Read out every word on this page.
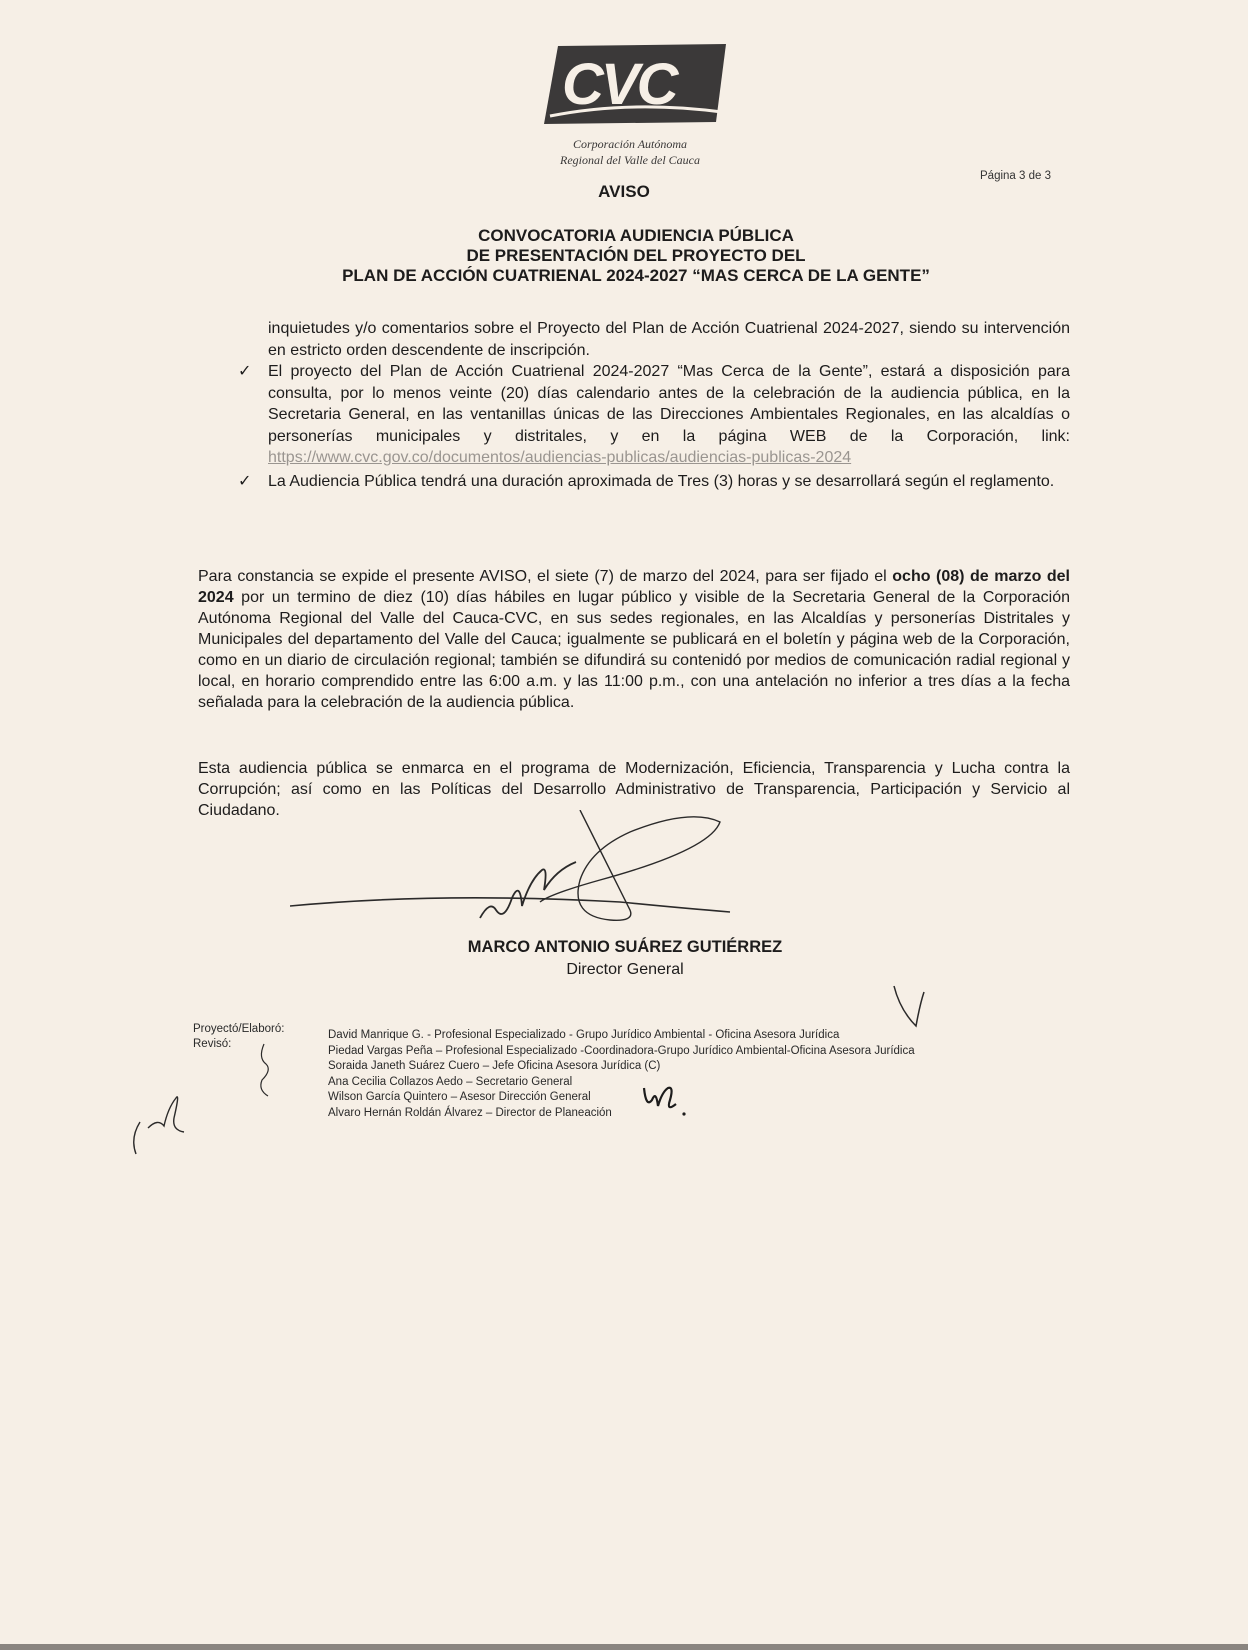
CVC
Corporación Autónoma
Regional del Valle del Cauca
Página 3 de 3
AVISO
CONVOCATORIA AUDIENCIA PÚBLICA
DE PRESENTACIÓN DEL PROYECTO DEL
PLAN DE ACCIÓN CUATRIENAL 2024-2027 “MAS CERCA DE LA GENTE”

inquietudes y/o comentarios sobre el Proyecto del Plan de Acción Cuatrienal 2024-2027, siendo su intervención en estricto orden descendente de inscripción.

✓ El proyecto del Plan de Acción Cuatrienal 2024-2027 “Mas Cerca de la Gente”, estará a disposición para consulta, por lo menos veinte (20) días calendario antes de la celebración de la audiencia pública, en la Secretaria General, en las ventanillas únicas de las Direcciones Ambientales Regionales, en las alcaldías o personerías municipales y distritales, y en la página WEB de la Corporación, link: https://www.cvc.gov.co/documentos/audiencias-publicas/audiencias-publicas-2024

✓ La Audiencia Pública tendrá una duración aproximada de Tres (3) horas y se desarrollará según el reglamento.

Para constancia se expide el presente AVISO, el siete (7) de marzo del 2024, para ser fijado el ocho (08) de marzo del 2024 por un termino de diez (10) días hábiles en lugar público y visible de la Secretaria General de la Corporación Autónoma Regional del Valle del Cauca-CVC, en sus sedes regionales, en las Alcaldías y personerías Distritales y Municipales del departamento del Valle del Cauca; igualmente se publicará en el boletín y página web de la Corporación, como en un diario de circulación regional; también se difundirá su contenidó por medios de comunicación radial regional y local, en horario comprendido entre las 6:00 a.m. y las 11:00 p.m., con una antelación no inferior a tres días a la fecha señalada para la celebración de la audiencia pública.

Esta audiencia pública se enmarca en el programa de Modernización, Eficiencia, Transparencia y Lucha contra la Corrupción; así como en las Políticas del Desarrollo Administrativo de Transparencia, Participación y Servicio al Ciudadano.

MARCO ANTONIO SUÁREZ GUTIÉRREZ
Director General
Proyectó/Elaboró:
Revisó:
David Manrique G. - Profesional Especializado - Grupo Jurídico Ambiental - Oficina Asesora Jurídica
Piedad Vargas Peña – Profesional Especializado -Coordinadora-Grupo Jurídico Ambiental-Oficina Asesora Jurídica
Soraida Janeth Suárez Cuero – Jefe Oficina Asesora Jurídica (C)
Ana Cecilia Collazos Aedo – Secretario General
Wilson García Quintero – Asesor Dirección General
Alvaro Hernán Roldán Álvarez – Director de Planeación
